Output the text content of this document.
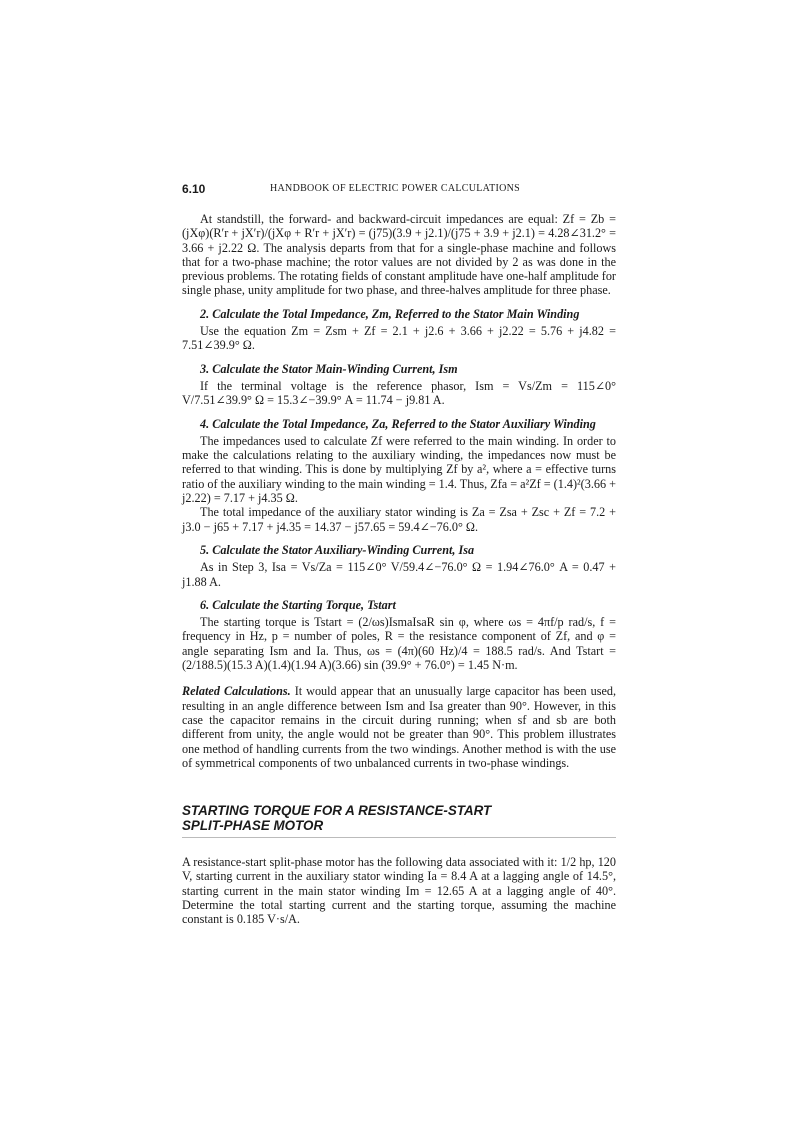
6.10	HANDBOOK OF ELECTRIC POWER CALCULATIONS

At standstill, the forward- and backward-circuit impedances are equal: Zf = Zb = (jXφ)(R′r + jX′r)/(jXφ + R′r + jX′r) = (j75)(3.9 + j2.1)/(j75 + 3.9 + j2.1) = 4.28∠31.2° = 3.66 + j2.22 Ω. The analysis departs from that for a single-phase machine and follows that for a two-phase machine; the rotor values are not divided by 2 as was done in the previous problems. The rotating fields of constant amplitude have one-half amplitude for single phase, unity amplitude for two phase, and three-halves amplitude for three phase.

2. Calculate the Total Impedance, Zm, Referred to the Stator Main Winding

Use the equation Zm = Zsm + Zf = 2.1 + j2.6 + 3.66 + j2.22 = 5.76 + j4.82 = 7.51∠39.9° Ω.

3. Calculate the Stator Main-Winding Current, Ism

If the terminal voltage is the reference phasor, Ism = Vs/Zm = 115∠0° V/7.51∠39.9° Ω = 15.3∠−39.9° A = 11.74 − j9.81 A.

4. Calculate the Total Impedance, Za, Referred to the Stator Auxiliary Winding

The impedances used to calculate Zf were referred to the main winding. In order to make the calculations relating to the auxiliary winding, the impedances now must be referred to that winding. This is done by multiplying Zf by a², where a = effective turns ratio of the auxiliary winding to the main winding = 1.4. Thus, Zfa = a²Zf = (1.4)²(3.66 + j2.22) = 7.17 + j4.35 Ω.

The total impedance of the auxiliary stator winding is Za = Zsa + Zsc + Zf = 7.2 + j3.0 − j65 + 7.17 + j4.35 = 14.37 − j57.65 = 59.4∠−76.0° Ω.

5. Calculate the Stator Auxiliary-Winding Current, Isa

As in Step 3, Isa = Vs/Za = 115∠0° V/59.4∠−76.0° Ω = 1.94∠76.0° A = 0.47 + j1.88 A.

6. Calculate the Starting Torque, Tstart

The starting torque is Tstart = (2/ωs)IsmaIsaR sin φ, where ωs = 4πf/p rad/s, f = frequency in Hz, p = number of poles, R = the resistance component of Zf, and φ = angle separating Ism and Ia. Thus, ωs = (4π)(60 Hz)/4 = 188.5 rad/s. And Tstart = (2/188.5)(15.3 A)(1.4)(1.94 A)(3.66) sin (39.9° + 76.0°) = 1.45 N·m.

Related Calculations. It would appear that an unusually large capacitor has been used, resulting in an angle difference between Ism and Isa greater than 90°. However, in this case the capacitor remains in the circuit during running; when sf and sb are both different from unity, the angle would not be greater than 90°. This problem illustrates one method of handling currents from the two windings. Another method is with the use of symmetrical components of two unbalanced currents in two-phase windings.

STARTING TORQUE FOR A RESISTANCE-START

SPLIT-PHASE MOTOR

A resistance-start split-phase motor has the following data associated with it: 1/2 hp, 120 V, starting current in the auxiliary stator winding Ia = 8.4 A at a lagging angle of 14.5°, starting current in the main stator winding Im = 12.65 A at a lagging angle of 40°. Determine the total starting current and the starting torque, assuming the machine constant is 0.185 V·s/A.
